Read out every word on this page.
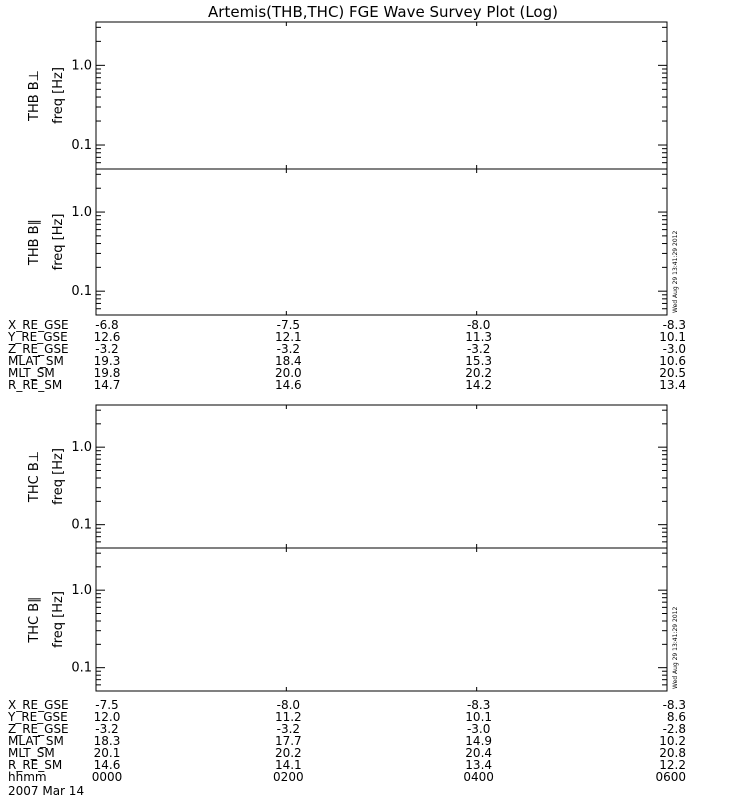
Artemis(THB,THC) FGE Wave Survey Plot (Log)
0.1
1.0
THB B⊥ freq [Hz]
0.1
1.0
THB B∥ freq [Hz]
0.1
1.0
THC B⊥ freq [Hz]
0.1
1.0
THC B∥ freq [Hz]
Wed Aug 29 13:41:29 2012
Wed Aug 29 13:41:29 2012
X_RE_GSE -6.8	-7.5	-8.0	-8.3
Y_RE_GSE 12.6	12.1	11.3	10.1
Z_RE_GSE -3.2	-3.2	-3.2	-3.0
MLAT_SM 19.3	18.4	15.3	10.6
MLT_SM	19.8	20.0	20.2	20.5
R_RE_SM	14.7	14.6	14.2	13.4
X_RE_GSE -7.5	-8.0	-8.3	-8.3
Y_RE_GSE 12.0	11.2	10.1	8.6
Z_RE_GSE -3.2	-3.2	-3.0	-2.8
MLAT_SM 18.3	17.7	14.9	10.2
MLT_SM	20.1	20.2	20.4	20.8
R_RE_SM	14.6	14.1	13.4	12.2
hhmm	0000	0200	0400	0600
2007 Mar 14
